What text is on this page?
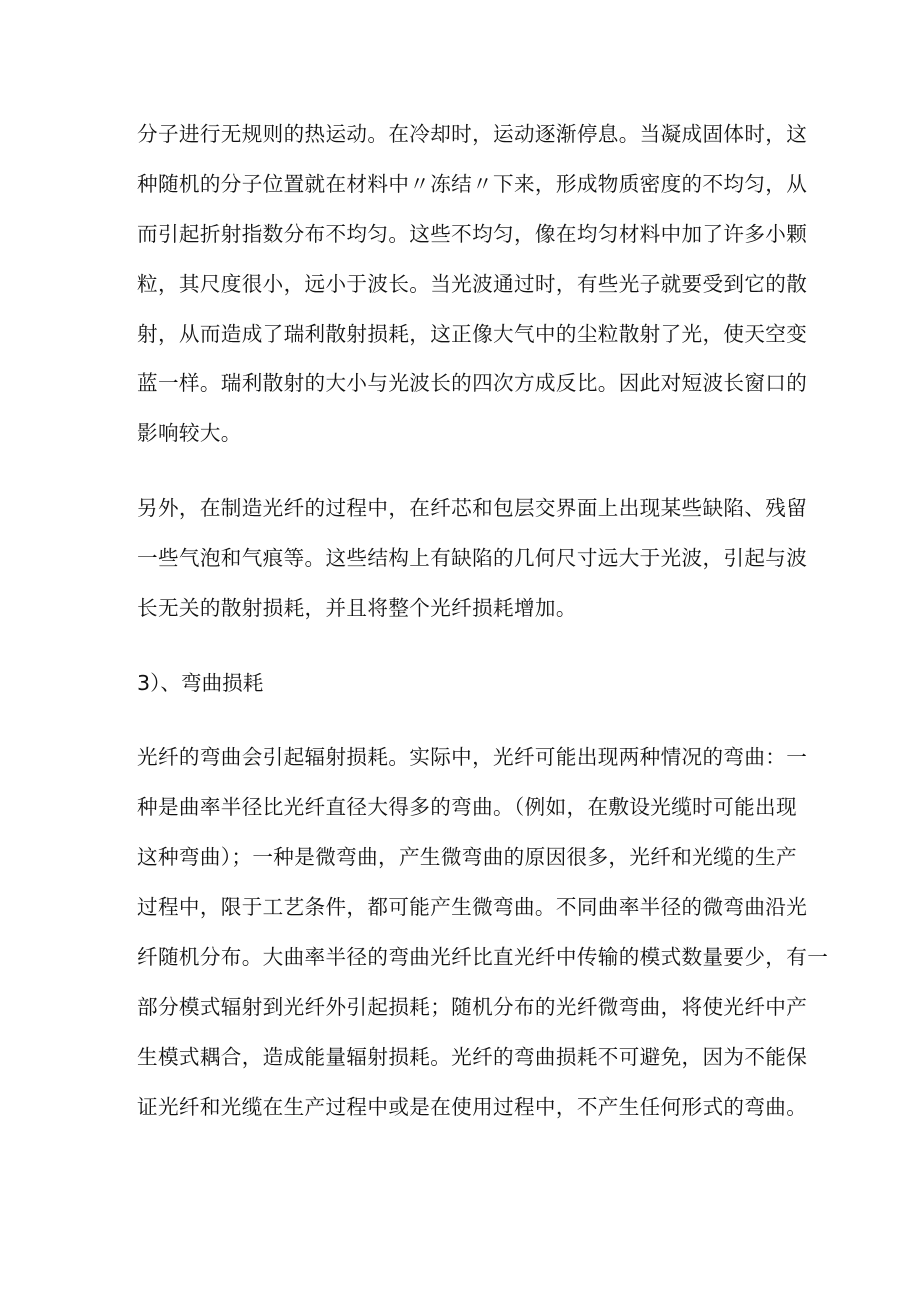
分子进行无规则的热运动。在冷却时，运动逐渐停息。当凝成固体时，这
种随机的分子位置就在材料中〃冻结〃下来，形成物质密度的不均匀，从
而引起折射指数分布不均匀。这些不均匀，像在均匀材料中加了许多小颗
粒，其尺度很小，远小于波长。当光波通过时，有些光子就要受到它的散
射，从而造成了瑞利散射损耗，这正像大气中的尘粒散射了光，使天空变
蓝一样。瑞利散射的大小与光波长的四次方成反比。因此对短波长窗口的
影响较大。
另外，在制造光纤的过程中，在纤芯和包层交界面上出现某些缺陷、残留
一些气泡和气痕等。这些结构上有缺陷的几何尺寸远大于光波，引起与波
长无关的散射损耗，并且将整个光纤损耗增加。
3）、弯曲损耗
光纤的弯曲会引起辐射损耗。实际中，光纤可能出现两种情况的弯曲：一
种是曲率半径比光纤直径大得多的弯曲。（例如，在敷设光缆时可能出现
这种弯曲）；一种是微弯曲，产生微弯曲的原因很多，光纤和光缆的生产
过程中，限于工艺条件，都可能产生微弯曲。不同曲率半径的微弯曲沿光
纤随机分布。大曲率半径的弯曲光纤比直光纤中传输的模式数量要少，有一
部分模式辐射到光纤外引起损耗；随机分布的光纤微弯曲，将使光纤中产
生模式耦合，造成能量辐射损耗。光纤的弯曲损耗不可避免，因为不能保
证光纤和光缆在生产过程中或是在使用过程中，不产生任何形式的弯曲。
